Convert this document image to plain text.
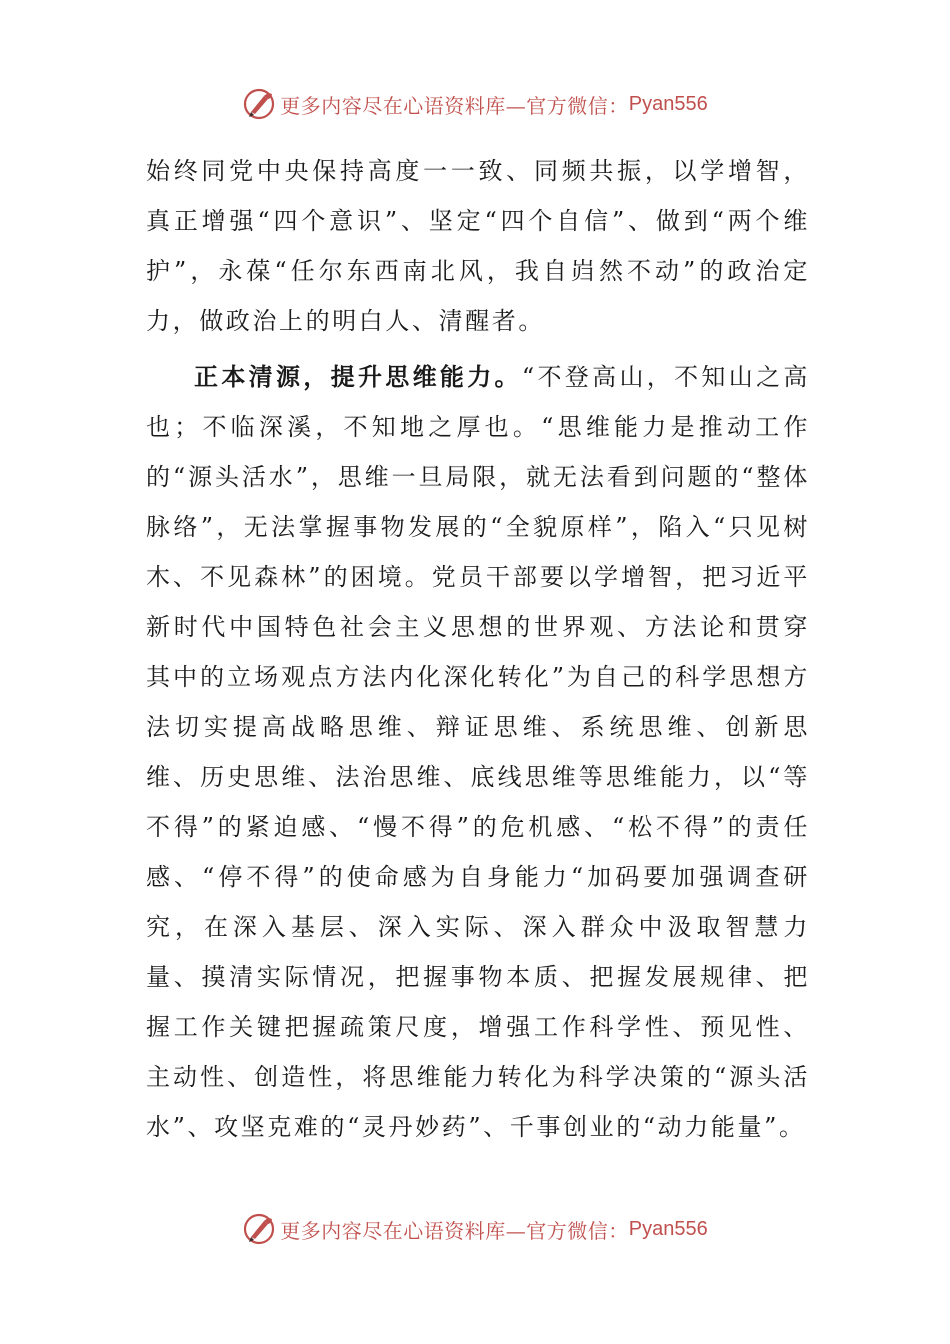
更多内容尽在心语资料库—官方微信： Pyan556

始终同党中央保持高度一一致、同频共振，以学增智，真正增强“四个意识”、坚定“四个自信”、做到“两个维护”，永葆“任尔东西南北风，我自岿然不动”的政治定力，做政治上的明白人、清醒者。

正本清源，提升思维能力。“不登高山，不知山之高也；不临深溪，不知地之厚也。“思维能力是推动工作的“源头活水”，思维一旦局限，就无法看到问题的“整体脉络”，无法掌握事物发展的“全貌原样”，陷入“只见树木、不见森林”的困境。党员干部要以学增智，把习近平新时代中国特色社会主义思想的世界观、方法论和贯穿其中的立场观点方法内化深化转化”为自己的科学思想方法切实提高战略思维、辩证思维、系统思维、创新思维、历史思维、法治思维、底线思维等思维能力，以“等不得”的紧迫感、“慢不得”的危机感、“松不得”的责任感、“停不得”的使命感为自身能力“加码要加强调查研究，在深入基层、深入实际、深入群众中汲取智慧力量、摸清实际情况，把握事物本质、把握发展规律、把握工作关键把握疏策尺度，增强工作科学性、预见性、主动性、创造性，将思维能力转化为科学决策的“源头活水”、攻坚克难的“灵丹妙药”、千事创业的“动力能量”。

更多内容尽在心语资料库—官方微信： Pyan556
